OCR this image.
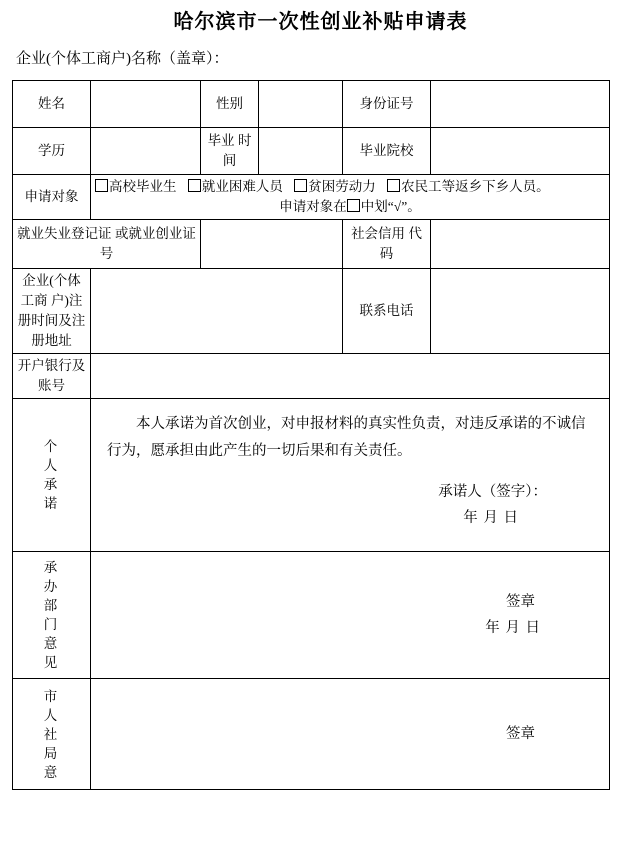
哈尔滨市一次性创业补贴申请表
企业(个体工商户)名称（盖章）：
姓名		性别		身份证号	
学历		毕业 时间		毕业院校	
申请对象	高校毕业生 就业困难人员 贫困劳动力 农民工等返乡下乡人员。
申请对象在 中划“√”。				

就业失业登记证 或就业创业证号				社会信用 代码	
企业(个体工商 户)注册时间及注 册地址				联系电话	
开户银行及账号					

个
人
承
诺

本人承诺为首次创业，对申报材料的真实性负责，对违反承诺的不诚信行为，愿承担由此产生的一切后果和有关责任。
承诺人（签字）：
年 月 日

承
办
部
门
意
见

签章
年 月 日

市
人
社
局
意	签章				
